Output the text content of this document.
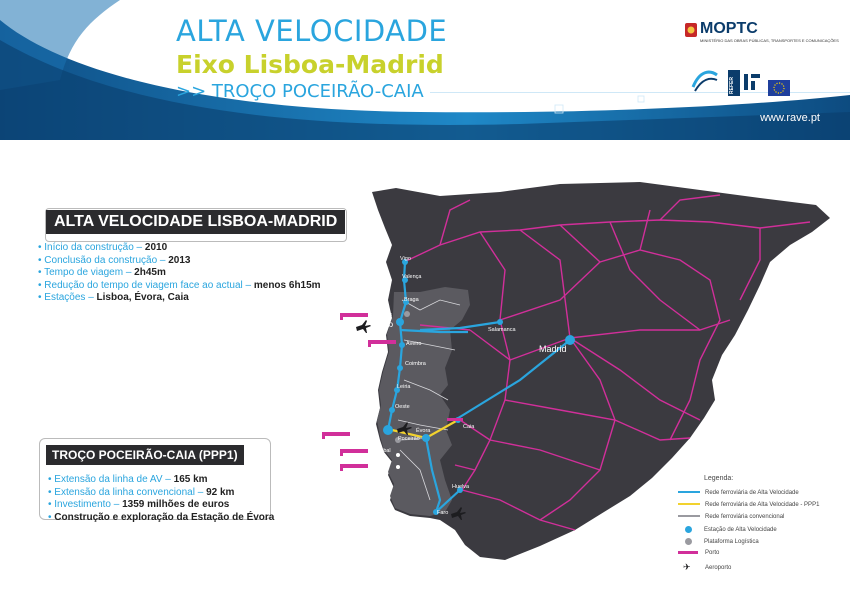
ALTA VELOCIDADE
Eixo Lisboa-Madrid
>> TROÇO POCEIRÃO-CAIA
MOPTC
MINISTÉRIO DAS OBRAS PÚBLICAS, TRANSPORTES E COMUNICAÇÕES
REFER
www.rave.pt
Vigo
Valença
Braga
Leixões
Porto
Aveiro
Coimbra
Leiria
Oeste
Lisboa	Poceirão
Setúbal
Sines
Évora
Caia
Huelva
Faro
Salamanca
Madrid
ALTA VELOCIDADE LISBOA-MADRID
• Início da construção – 2010
• Conclusão da construção – 2013
• Tempo de viagem – 2h45m
• Redução do tempo de viagem face ao actual – menos 6h15m
• Estações – Lisboa, Évora, Caia
TROÇO POCEIRÃO-CAIA (PPP1)
• Extensão da linha de AV – 165 km
• Extensão da linha convencional – 92 km
• Investimento – 1359 milhões de euros
• Construção e exploração da Estação de Évora
Legenda:
Rede ferroviária de Alta Velocidade
Rede ferroviária de Alta Velocidade - PPP1
Rede ferroviária convencional
Estação de Alta Velocidade
Plataforma Logística
Porto
✈ Aeroporto
